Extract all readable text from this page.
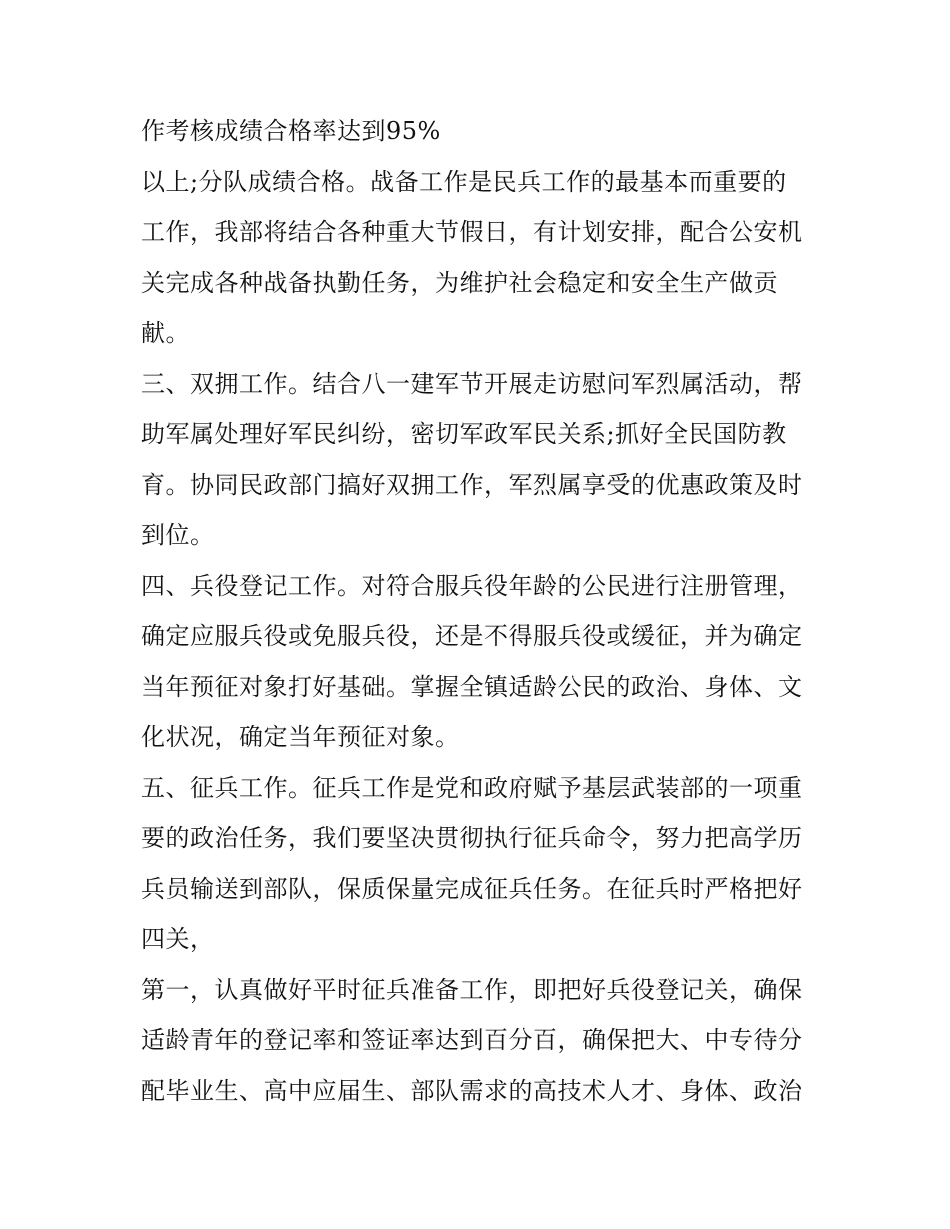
作考核成绩合格率达到95%

以上;分队成绩合格。战备工作是民兵工作的最基本而重要的
工作，我部将结合各种重大节假日，有计划安排，配合公安机
关完成各种战备执勤任务，为维护社会稳定和安全生产做贡
献。

三、双拥工作。结合八一建军节开展走访慰问军烈属活动，帮
助军属处理好军民纠纷，密切军政军民关系;抓好全民国防教
育。协同民政部门搞好双拥工作，军烈属享受的优惠政策及时
到位。

四、兵役登记工作。对符合服兵役年龄的公民进行注册管理，
确定应服兵役或免服兵役，还是不得服兵役或缓征，并为确定
当年预征对象打好基础。掌握全镇适龄公民的政治、身体、文
化状况，确定当年预征对象。

五、征兵工作。征兵工作是党和政府赋予基层武装部的一项重
要的政治任务，我们要坚决贯彻执行征兵命令，努力把高学历
兵员输送到部队，保质保量完成征兵任务。在征兵时严格把好
四关，

第一，认真做好平时征兵准备工作，即把好兵役登记关，确保
适龄青年的登记率和签证率达到百分百，确保把大、中专待分
配毕业生、高中应届生、部队需求的高技术人才、身体、政治
